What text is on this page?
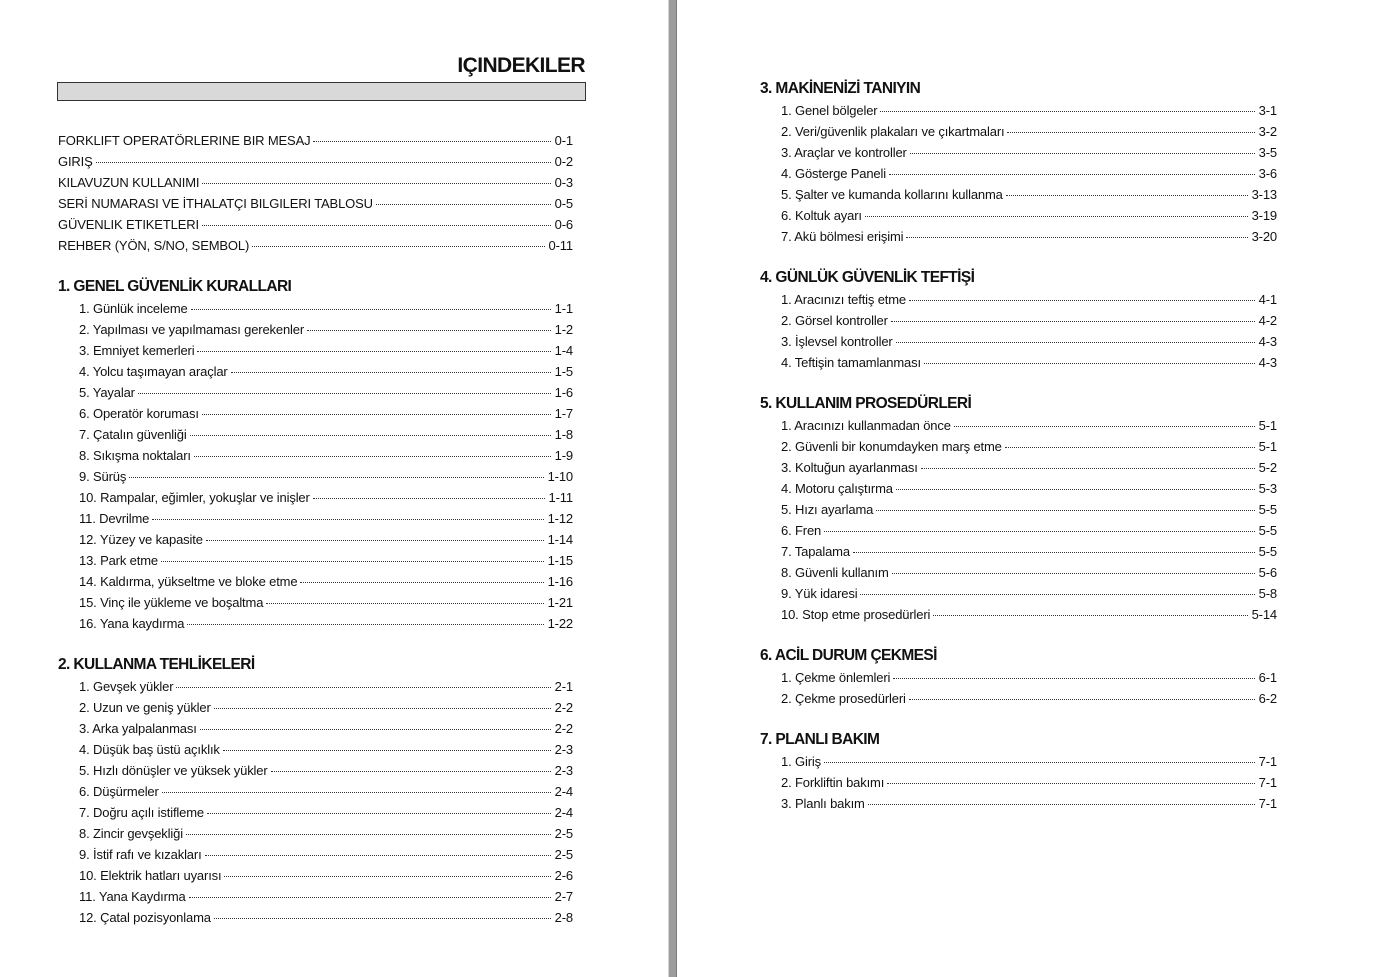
IÇINDEKILER
FORKLIFT OPERATÖRLERINE BIR MESAJ	0-1
GIRIŞ	0-2
KILAVUZUN KULLANIMI	0-3
SERİ NUMARASI VE İTHALATÇI BILGILERI TABLOSU	0-5
GÜVENLIK ETIKETLERI	0-6
REHBER (YÖN, S/NO, SEMBOL)	0-11
1. GENEL GÜVENLİK KURALLARI
1. Günlük inceleme	1-1
2. Yapılması ve yapılmaması gerekenler	1-2
3. Emniyet kemerleri	1-4
4. Yolcu taşımayan araçlar	1-5
5. Yayalar	1-6
6. Operatör koruması	1-7
7. Çatalın güvenliği	1-8
8. Sıkışma noktaları	1-9
9. Sürüş	1-10
10. Rampalar, eğimler, yokuşlar ve inişler	1-11
11. Devrilme	1-12
12. Yüzey ve kapasite	1-14
13. Park etme	1-15
14. Kaldırma, yükseltme ve bloke etme	1-16
15. Vinç ile yükleme ve boşaltma	1-21
16. Yana kaydırma	1-22
2. KULLANMA TEHLİKELERİ
1. Gevşek yükler	2-1
2. Uzun ve geniş yükler	2-2
3. Arka yalpalanması	2-2
4. Düşük baş üstü açıklık	2-3
5. Hızlı dönüşler ve yüksek yükler	2-3
6. Düşürmeler	2-4
7. Doğru açılı istifleme	2-4
8. Zincir gevşekliği	2-5
9. İstif rafı ve kızakları	2-5
10. Elektrik hatları uyarısı	2-6
11. Yana Kaydırma	2-7
12. Çatal pozisyonlama	2-8
3. MAKİNENİZİ TANIYIN
1. Genel bölgeler	3-1
2. Veri/güvenlik plakaları ve çıkartmaları	3-2
3. Araçlar ve kontroller	3-5
4. Gösterge Paneli	3-6
5. Şalter ve kumanda kollarını kullanma	3-13
6. Koltuk ayarı	3-19
7. Akü bölmesi erişimi	3-20
4. GÜNLÜK GÜVENLİK TEFTİŞİ
1. Aracınızı teftiş etme	4-1
2. Görsel kontroller	4-2
3. İşlevsel kontroller	4-3
4. Teftişin tamamlanması	4-3
5. KULLANIM PROSEDÜRLERİ
1. Aracınızı kullanmadan önce	5-1
2. Güvenli bir konumdayken marş etme	5-1
3. Koltuğun ayarlanması	5-2
4. Motoru çalıştırma	5-3
5. Hızı ayarlama	5-5
6. Fren	5-5
7. Tapalama	5-5
8. Güvenli kullanım	5-6
9. Yük idaresi	5-8
10. Stop etme prosedürleri	5-14
6. ACİL DURUM ÇEKMESİ
1. Çekme önlemleri	6-1
2. Çekme prosedürleri	6-2
7. PLANLI BAKIM
1. Giriş	7-1
2. Forkliftin bakımı	7-1
3. Planlı bakım	7-1
